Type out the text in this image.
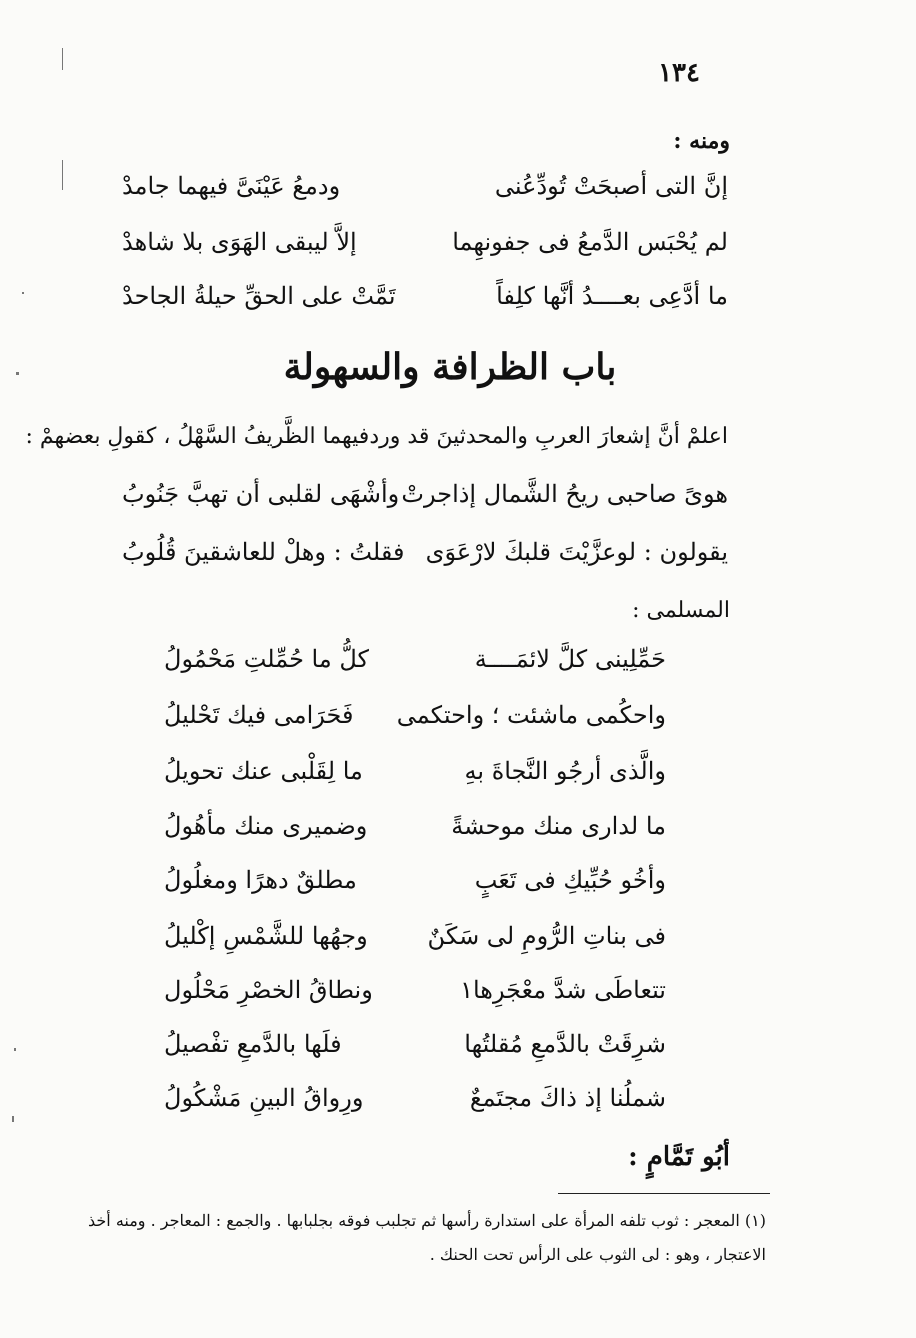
١٣٤
ومنه :
إنَّ التى أصبحَتْ تُودِّعُنى
ودمعُ عَيْنَىَّ فيهما جامدْ
لم يُحْبَس الدَّمعُ فى جفونهِما
إلاَّ ليبقى الهَوَى بلا شاهدْ
ما أدَّعِى بعــــدُ أنَّها كلِفاً
تَمَّتْ على الحقِّ حيلةُ الجاحدْ
باب الظرافة والسهولة
اعلمْ أنَّ إشعارَ العربِ والمحدثينَ قد وردفيهما الظَّريفُ السَّهْلُ ، كقولِ بعضهمْ :
هوىً صاحبى ريحُ الشَّمال إذاجرتْ
وأشْهَى لقلبى أن تهبَّ جَنُوبُ
يقولون : لوعزَّيْتَ قلبكَ لارْعَوَى
فقلتُ : وهلْ للعاشقينَ قُلُوبُ
المسلمى :
حَمِّلِينى كلَّ لائمَــــة
كلُّ ما حُمِّلتِ مَحْمُولُ
واحكُمى ماشئت ؛ واحتكمى
فَحَرَامى فيك تَحْليلُ
والَّذى أرجُو النَّجاةَ بهِ
ما لِقَلْبى عنك تحويلُ
ما لدارى منك موحشةً
وضميرى منك مأهُولُ
وأخُو حُبِّيكِ فى تَعَبٍ
مطلقٌ دهرًا ومغلُولُ
فى بناتِ الرُّومِ لى سَكَنٌ
وجهُها للشَّمْسِ إكْليلُ
تتعاطَى شدَّ معْجَرِها١
ونطاقُ الخصْرِ مَحْلُول
شرِقَتْ بالدَّمعِ مُقلتُها
فلَها بالدَّمعِ تفْصيلُ
شملُنا إذ ذاكَ مجتَمعٌ
ورِواقُ البينِ مَشْكُولُ
أبُو تَمَّامٍ :

(١) المعجر : ثوب تلفه المرأة على استدارة رأسها ثم تجلبب فوقه بجلبابها . والجمع : المعاجر . ومنه أخذ

الاعتجار ، وهو : لى الثوب على الرأس تحت الحنك .
